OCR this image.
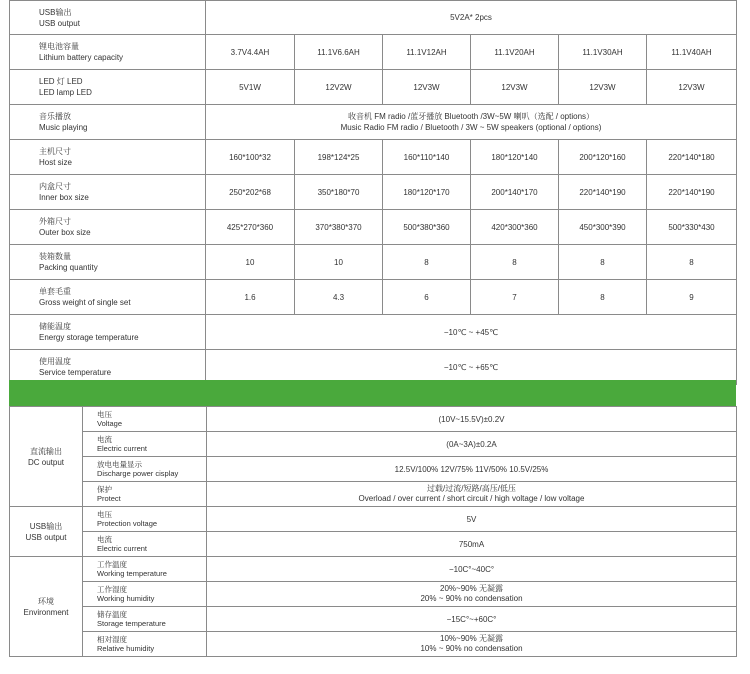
USB输出
USB output	5V2A* 2pcs					

锂电池容量
Lithium battery capacity	3.7V4.4AH	11.1V6.6AH	11.1V12AH	11.1V20AH	11.1V30AH	11.1V40AH

LED 灯 LED
LED lamp LED	5V1W	12V2W	12V3W	12V3W	12V3W	12V3W

音乐播放
Music playing	收音机 FM radio /蓝牙播放 Bluetooth /3W~5W 喇叭（选配 / options）
Music Radio FM radio / Bluetooth / 3W ~ 5W speakers (optional / options)					

主机尺寸
Host size	160*100*32	198*124*25	160*110*140	180*120*140	200*120*160	220*140*180

内盒尺寸
Inner box size	250*202*68	350*180*70	180*120*170	200*140*170	220*140*190	220*140*190

外箱尺寸
Outer box size	425*270*360	370*380*370	500*380*360	420*300*360	450*300*390	500*330*430

装箱数量
Packing quantity	10	10	8	8	8	8

单套毛重
Gross weight of single set	1.6	4.3	6	7	8	9

储能温度
Energy storage temperature	−10℃ ~ +45℃					

使用温度
Service temperature	−10℃ ~ +65℃					
直流输出
DC output	电压
Voltage	(10V~15.5V)±0.2V

	电流
Electric current	(0A~3A)±0.2A

	放电电量显示
Discharge power cisplay	12.5V/100% 12V/75% 11V/50% 10.5V/25%

	保护
Protect	过载/过流/短路/高压/低压
Overload / over current / short circuit / high voltage / low voltage

USB输出
USB output	电压
Protection voltage	5V

	电流
Electric current	750mA

环境
Environment	工作温度
Working temperature	−10C°~40C°

	工作湿度
Working humidity	20%~90% 无凝露
20% ~ 90% no condensation

	储存温度
Storage temperature	−15C°~+60C°

	相对湿度
Relative humidity	10%~90% 无凝露
10% ~ 90% no condensation
